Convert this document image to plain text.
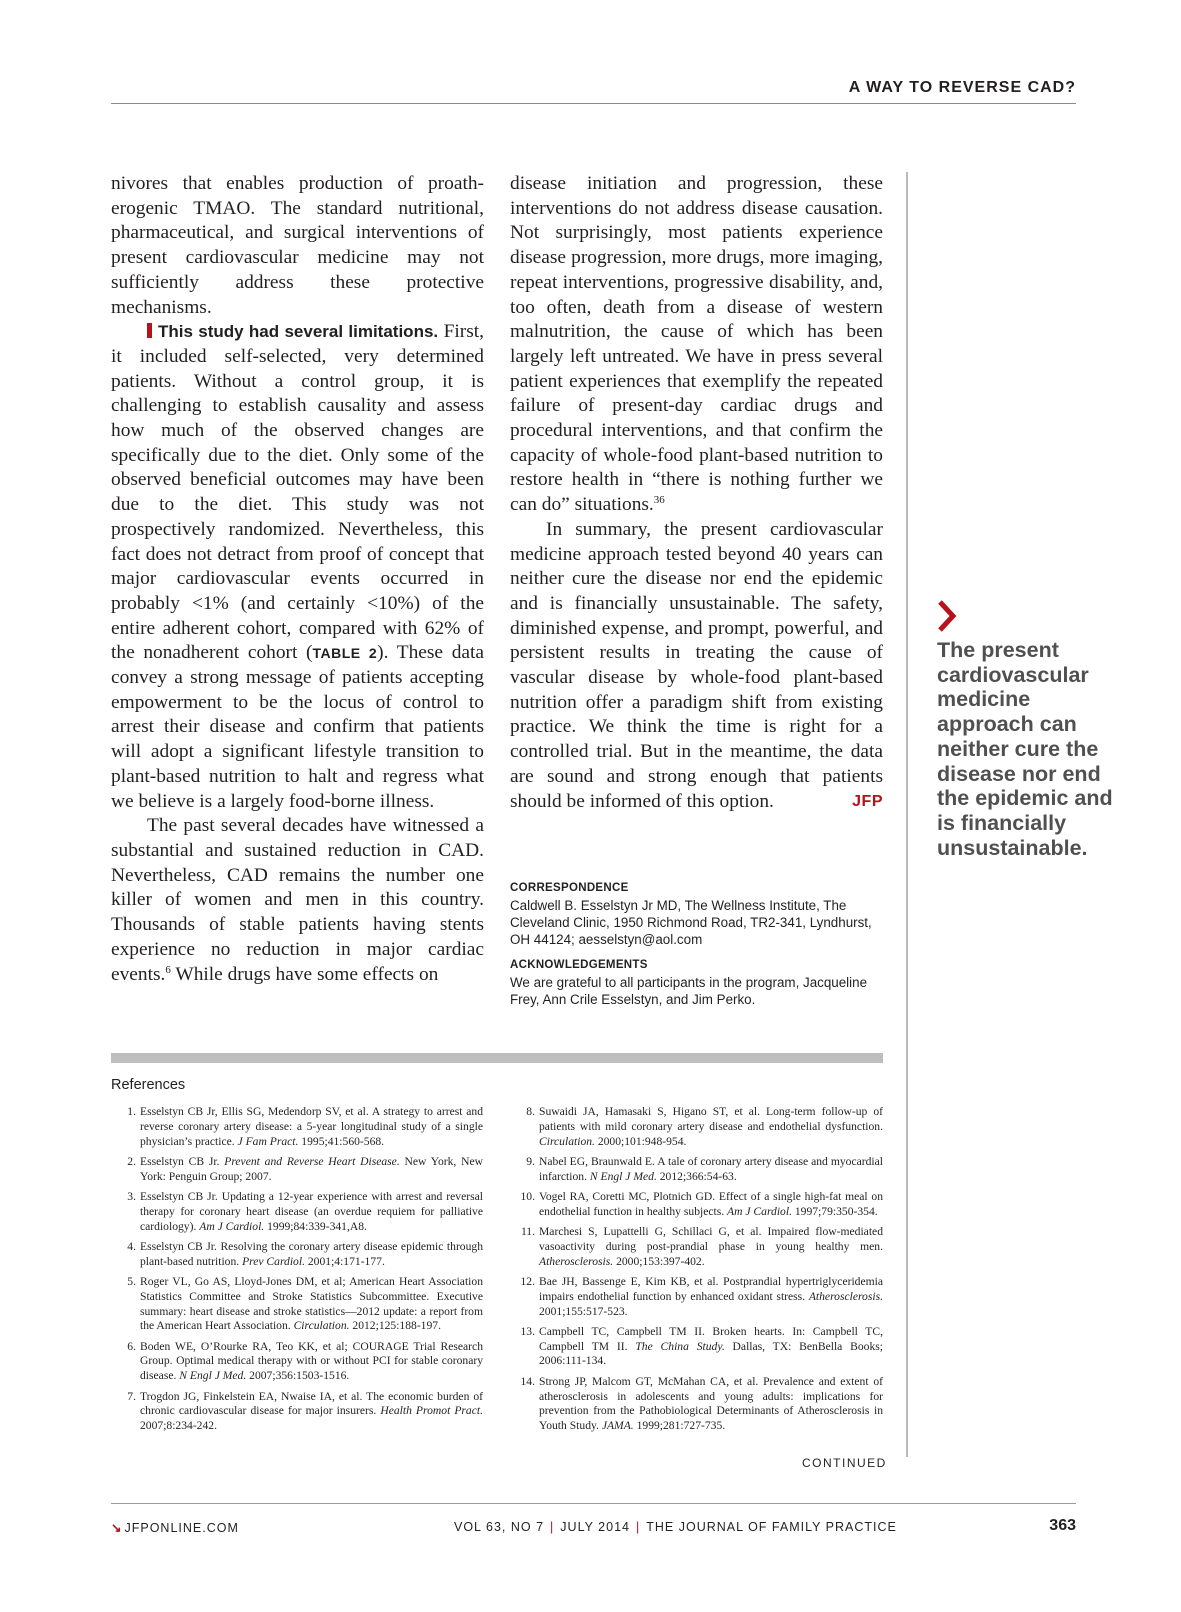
A WAY TO REVERSE CAD?

nivores that enables production of proatherogenic TMAO. The standard nutritional, pharmaceutical, and surgical interventions of present cardiovascular medicine may not sufficiently address these protective mechanisms.

This study had several limitations. First, it included self-selected, very determined patients. Without a control group, it is challenging to establish causality and assess how much of the observed changes are specifically due to the diet. Only some of the observed beneficial outcomes may have been due to the diet. This study was not prospectively randomized. Nevertheless, this fact does not detract from proof of concept that major cardiovascular events occurred in probably <1% (and certainly <10%) of the entire adherent cohort, compared with 62% of the nonadherent cohort (TABLE 2). These data convey a strong message of patients accepting empowerment to be the locus of control to arrest their disease and confirm that patients will adopt a significant lifestyle transition to plant-based nutrition to halt and regress what we believe is a largely food-borne illness.

The past several decades have witnessed a substantial and sustained reduction in CAD. Nevertheless, CAD remains the number one killer of women and men in this country. Thousands of stable patients having stents experience no reduction in major cardiac events.$^6$ While drugs have some effects on

disease initiation and progression, these interventions do not address disease causation. Not surprisingly, most patients experience disease progression, more drugs, more imaging, repeat interventions, progressive disability, and, too often, death from a disease of western malnutrition, the cause of which has been largely left untreated. We have in press several patient experiences that exemplify the repeated failure of present-day cardiac drugs and procedural interventions, and that confirm the capacity of whole-food plant-based nutrition to restore health in “there is nothing further we can do” situations.$^{36}$

In summary, the present cardiovascular medicine approach tested beyond 40 years can neither cure the disease nor end the epidemic and is financially unsustainable. The safety, diminished expense, and prompt, powerful, and persistent results in treating the cause of vascular disease by whole-food plant-based nutrition offer a paradigm shift from existing practice. We think the time is right for a controlled trial. But in the meantime, the data are sound and strong enough that patients should be informed of this option.	JFP

CORRESPONDENCE
Caldwell B. Esselstyn Jr MD, The Wellness Institute, The Cleveland Clinic, 1950 Richmond Road, TR2-341, Lyndhurst, OH 44124; aesselstyn@aol.com
ACKNOWLEDGEMENTS
We are grateful to all participants in the program, Jacqueline Frey, Ann Crile Esselstyn, and Jim Perko.
The present cardiovascular medicine approach can neither cure the disease nor end the epidemic and is financially unsustainable.
References
1. Esselstyn CB Jr, Ellis SG, Medendorp SV, et al. A strategy to arrest and reverse coronary artery disease: a 5-year longitudinal study of a single physician’s practice. J Fam Pract. 1995;41:560-568.
2. Esselstyn CB Jr. Prevent and Reverse Heart Disease. New York, New York: Penguin Group; 2007.
3. Esselstyn CB Jr. Updating a 12-year experience with arrest and reversal therapy for coronary heart disease (an overdue requiem for palliative cardiology). Am J Cardiol. 1999;84:339-341,A8.
4. Esselstyn CB Jr. Resolving the coronary artery disease epidemic through plant-based nutrition. Prev Cardiol. 2001;4:171-177.
5. Roger VL, Go AS, Lloyd-Jones DM, et al; American Heart Association Statistics Committee and Stroke Statistics Subcommittee. Executive summary: heart disease and stroke statistics—2012 update: a report from the American Heart Association. Circulation. 2012;125:188-197.
6. Boden WE, O’Rourke RA, Teo KK, et al; COURAGE Trial Research Group. Optimal medical therapy with or without PCI for stable coronary disease. N Engl J Med. 2007;356:1503-1516.
7. Trogdon JG, Finkelstein EA, Nwaise IA, et al. The economic burden of chronic cardiovascular disease for major insurers. Health Promot Pract. 2007;8:234-242.
8. Suwaidi JA, Hamasaki S, Higano ST, et al. Long-term follow-up of patients with mild coronary artery disease and endothelial dysfunction. Circulation. 2000;101:948-954.
9. Nabel EG, Braunwald E. A tale of coronary artery disease and myocardial infarction. N Engl J Med. 2012;366:54-63.
10. Vogel RA, Coretti MC, Plotnich GD. Effect of a single high-fat meal on endothelial function in healthy subjects. Am J Cardiol. 1997;79:350-354.
11. Marchesi S, Lupattelli G, Schillaci G, et al. Impaired flow-mediated vasoactivity during post-prandial phase in young healthy men. Atherosclerosis. 2000;153:397-402.
12. Bae JH, Bassenge E, Kim KB, et al. Postprandial hypertriglyceridemia impairs endothelial function by enhanced oxidant stress. Atherosclerosis. 2001;155:517-523.
13. Campbell TC, Campbell TM II. Broken hearts. In: Campbell TC, Campbell TM II. The China Study. Dallas, TX: BenBella Books; 2006:111-134.
14. Strong JP, Malcom GT, McMahan CA, et al. Prevalence and extent of atherosclerosis in adolescents and young adults: implications for prevention from the Pathobiological Determinants of Atherosclerosis in Youth Study. JAMA. 1999;281:727-735.
CONTINUED
↘ JFPONLINE.COM	VOL 63, NO 7 | JULY 2014 | THE JOURNAL OF FAMILY PRACTICE	363
